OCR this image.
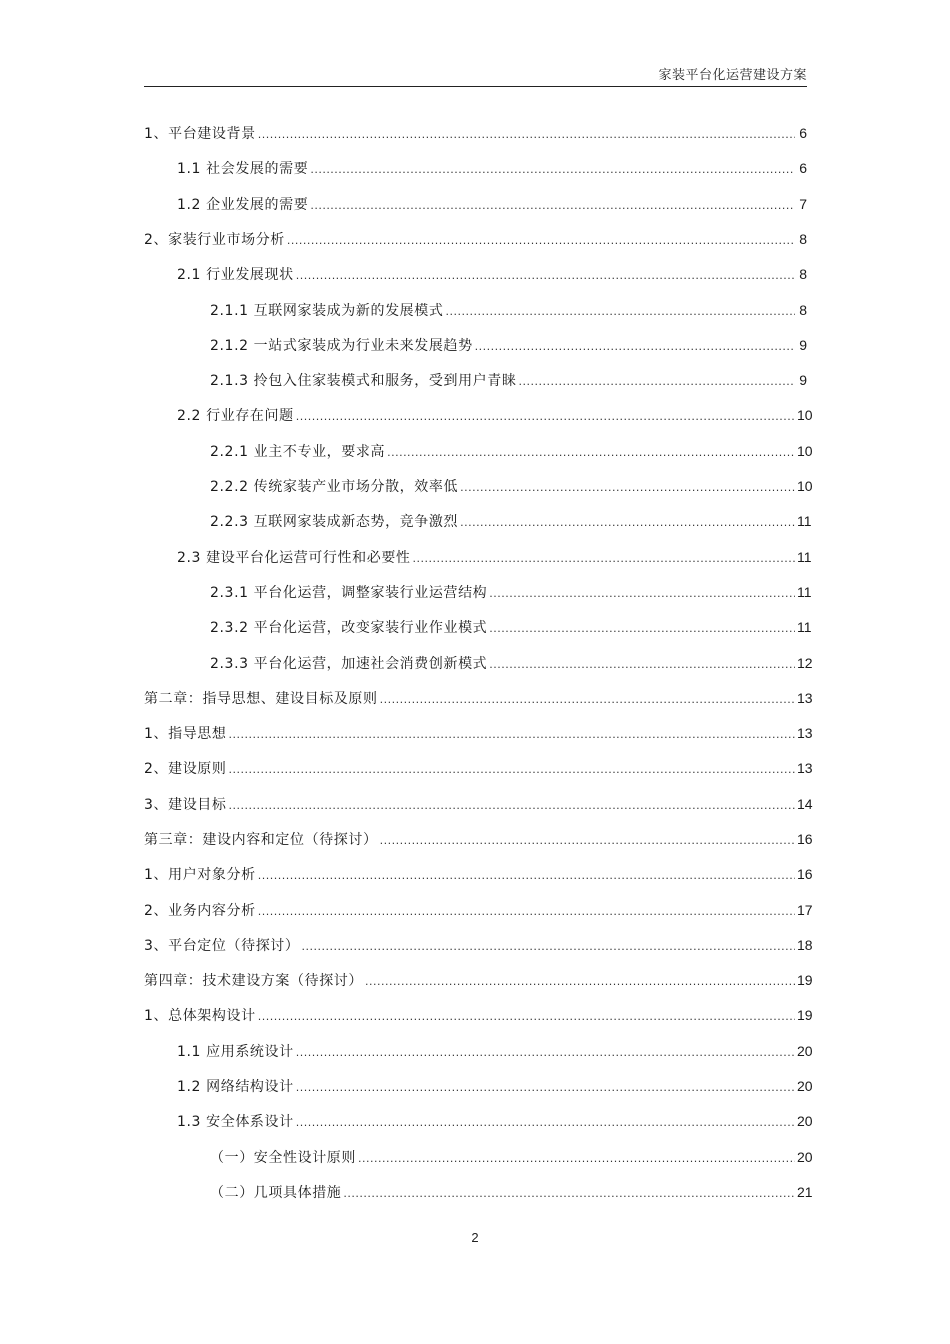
家装平台化运营建设方案
1、平台建设背景 .....	6
1.1 社会发展的需要 .....	6
1.2 企业发展的需要 .....	7
2、家装行业市场分析 .....	8
2.1 行业发展现状 .....	8
2.1.1 互联网家装成为新的发展模式 .....	8
2.1.2 一站式家装成为行业未来发展趋势 .....	9
2.1.3 拎包入住家装模式和服务，受到用户青睐 .....	9
2.2 行业存在问题 .....	10
2.2.1 业主不专业，要求高 .....	10
2.2.2 传统家装产业市场分散，效率低 .....	10
2.2.3 互联网家装成新态势，竞争激烈 .....	11
2.3 建设平台化运营可行性和必要性 .....	11
2.3.1 平台化运营，调整家装行业运营结构 .....	11
2.3.2 平台化运营，改变家装行业作业模式 .....	11
2.3.3 平台化运营，加速社会消费创新模式 .....	12
第二章：指导思想、建设目标及原则 .....	13
1、指导思想 .....	13
2、建设原则 .....	13
3、建设目标 .....	14
第三章：建设内容和定位（待探讨） .....	16
1、用户对象分析 .....	16
2、业务内容分析 .....	17
3、平台定位（待探讨） .....	18
第四章：技术建设方案（待探讨） .....	19
1、总体架构设计 .....	19
1.1 应用系统设计 .....	20
1.2 网络结构设计 .....	20
1.3 安全体系设计 .....	20
（一）安全性设计原则 .....	20
（二）几项具体措施 .....	21
2
